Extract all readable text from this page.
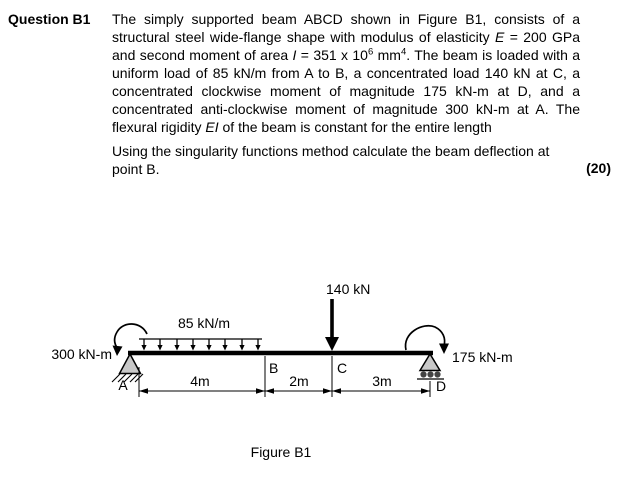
Question B1	The simply supported beam ABCD shown in Figure B1, consists of a structural steel wide-flange shape with modulus of elasticity E = 200 GPa and second moment of area I = 351 x $10^6$ $mm^4$. The beam is loaded with a uniform load of 85 kN/m from A to B, a concentrated load 140 kN at C, a concentrated clockwise moment of magnitude 175 kN-m at D, and a concentrated anti-clockwise moment of magnitude 300 kN-m at A. The flexural rigidity EI of the beam is constant for the entire length

Using the singularity functions method calculate the beam deflection at point B.	(20)
140 kN
85 kN/m
300 kN-m	175 kN-m
A
B	C
D
4m	2m	3m
Figure B1
